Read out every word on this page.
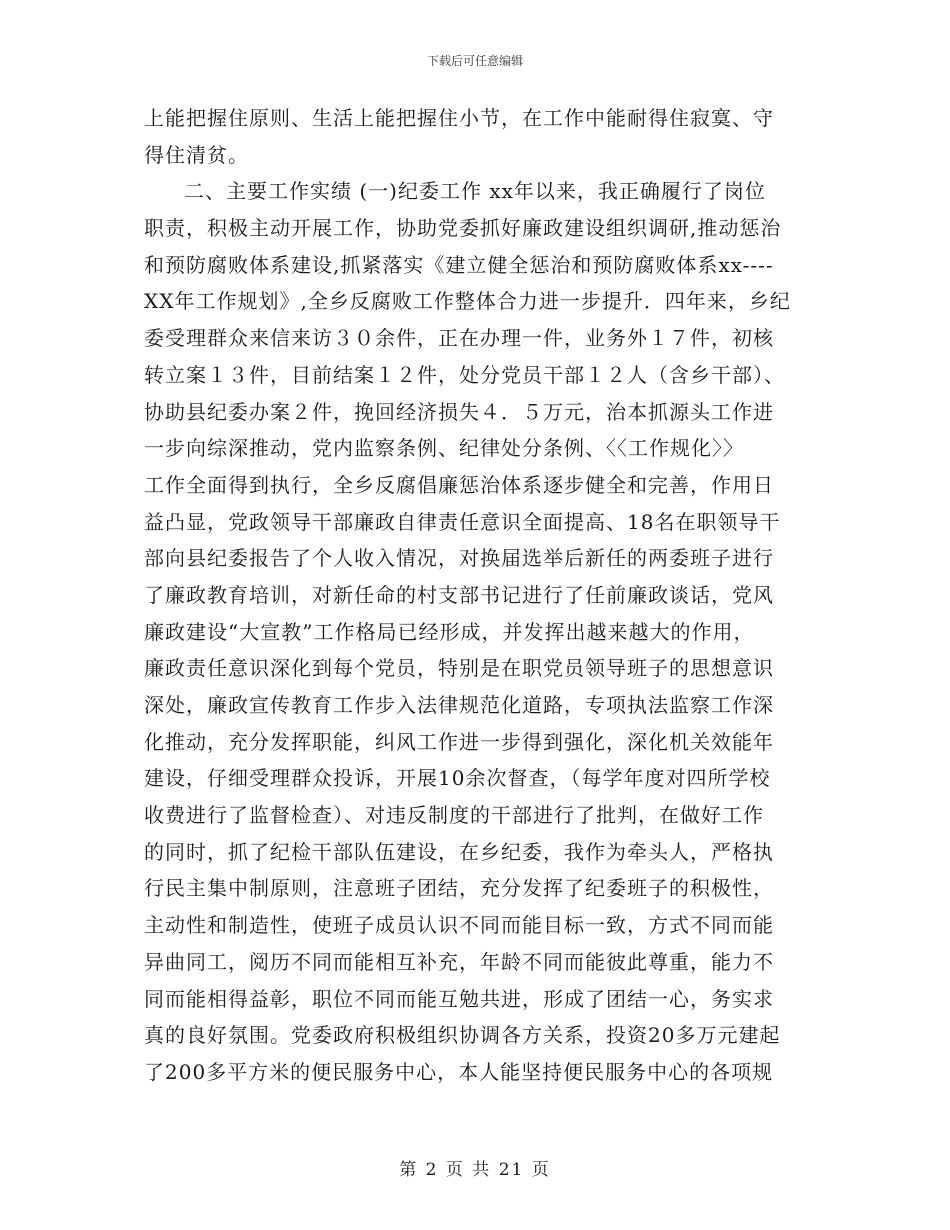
下载后可任意编辑
上能把握住原则、生活上能把握住小节，在工作中能耐得住寂寞、守
得住清贫。
二、主要工作实绩 (一)纪委工作 xx年以来，我正确履行了岗位
职责，积极主动开展工作，协助党委抓好廉政建设组织调研,推动惩治
和预防腐败体系建设,抓紧落实《建立健全惩治和预防腐败体系xx----
XX年工作规划》,全乡反腐败工作整体合力进一步提升．四年来，乡纪
委受理群众来信来访３０余件，正在办理一件，业务外１７件，初核
转立案１３件，目前结案１２件，处分党员干部１２人（含乡干部）、
协助县纪委办案２件，挽回经济损失４．５万元，治本抓源头工作进
一步向综深推动，党内监察条例、纪律处分条例、〈〈工作规化〉〉
工作全面得到执行，全乡反腐倡廉惩治体系逐步健全和完善，作用日
益凸显，党政领导干部廉政自律责任意识全面提高、18名在职领导干
部向县纪委报告了个人收入情况，对换届选举后新任的两委班子进行
了廉政教育培训，对新任命的村支部书记进行了任前廉政谈话，党风
廉政建设“大宣教”工作格局已经形成，并发挥出越来越大的作用，
廉政责任意识深化到每个党员，特别是在职党员领导班子的思想意识
深处，廉政宣传教育工作步入法律规范化道路，专项执法监察工作深
化推动，充分发挥职能，纠风工作进一步得到强化，深化机关效能年
建设，仔细受理群众投诉，开展10余次督查，（每学年度对四所学校
收费进行了监督检查）、对违反制度的干部进行了批判，在做好工作
的同时，抓了纪检干部队伍建设，在乡纪委，我作为牵头人，严格执
行民主集中制原则，注意班子团结，充分发挥了纪委班子的积极性，
主动性和制造性，使班子成员认识不同而能目标一致，方式不同而能
异曲同工，阅历不同而能相互补充，年龄不同而能彼此尊重，能力不
同而能相得益彰，职位不同而能互勉共进，形成了团结一心，务实求
真的良好氛围。党委政府积极组织协调各方关系，投资20多万元建起
了200多平方米的便民服务中心，本人能坚持便民服务中心的各项规
第 2 页 共 21 页
